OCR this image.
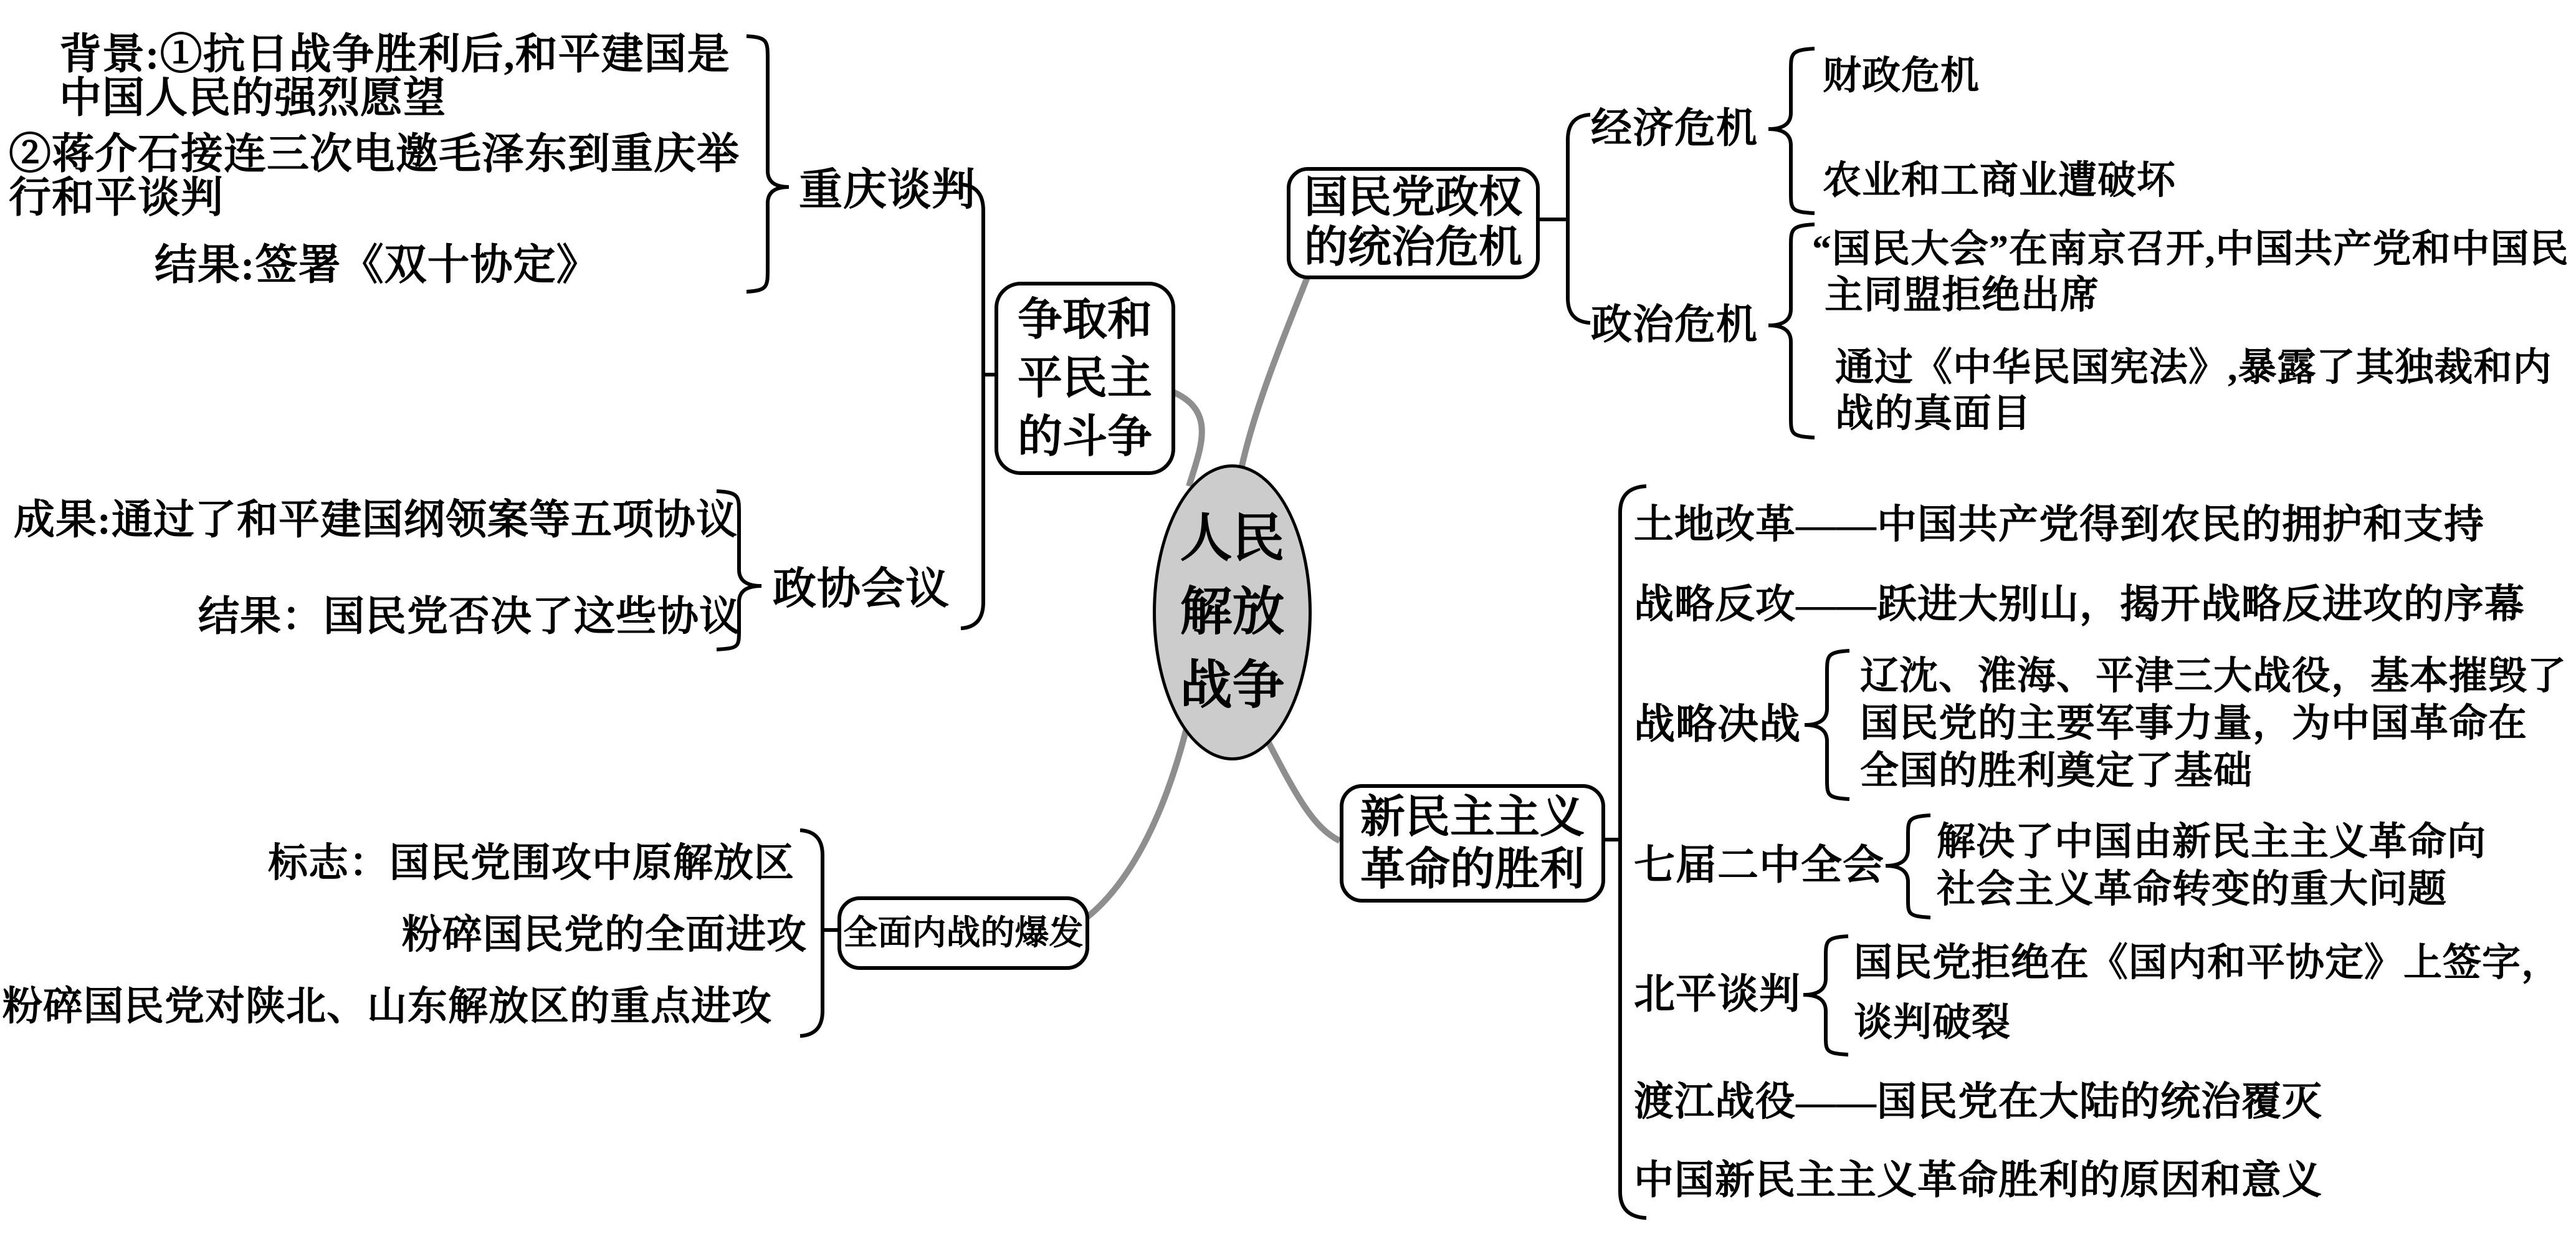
人民
解放
战争
争取和
平民主
的斗争
国民党政权
的统治危机
全面内战的爆发
新民主主义
革命的胜利
背景:①抗日战争胜利后,和平建国是
中国人民的强烈愿望
②蒋介石接连三次电邀毛泽东到重庆举
行和平谈判
结果:签署《双十协定》
重庆谈判
成果:通过了和平建国纲领案等五项协议
结果：国民党否决了这些协议
政协会议
标志：国民党围攻中原解放区
粉碎国民党的全面进攻
粉碎国民党对陕北、山东解放区的重点进攻
经济危机
财政危机
农业和工商业遭破坏
政治危机
“国民大会”在南京召开,中国共产党和中国民
主同盟拒绝出席
通过《中华民国宪法》,暴露了其独裁和内
战的真面目
土地改革——中国共产党得到农民的拥护和支持
战略反攻——跃进大别山，揭开战略反进攻的序幕
战略决战
辽沈、淮海、平津三大战役，基本摧毁了
国民党的主要军事力量，为中国革命在
全国的胜利奠定了基础
七届二中全会
解决了中国由新民主主义革命向
社会主义革命转变的重大问题
北平谈判
国民党拒绝在《国内和平协定》上签字，
谈判破裂
渡江战役——国民党在大陆的统治覆灭
中国新民主主义革命胜利的原因和意义
